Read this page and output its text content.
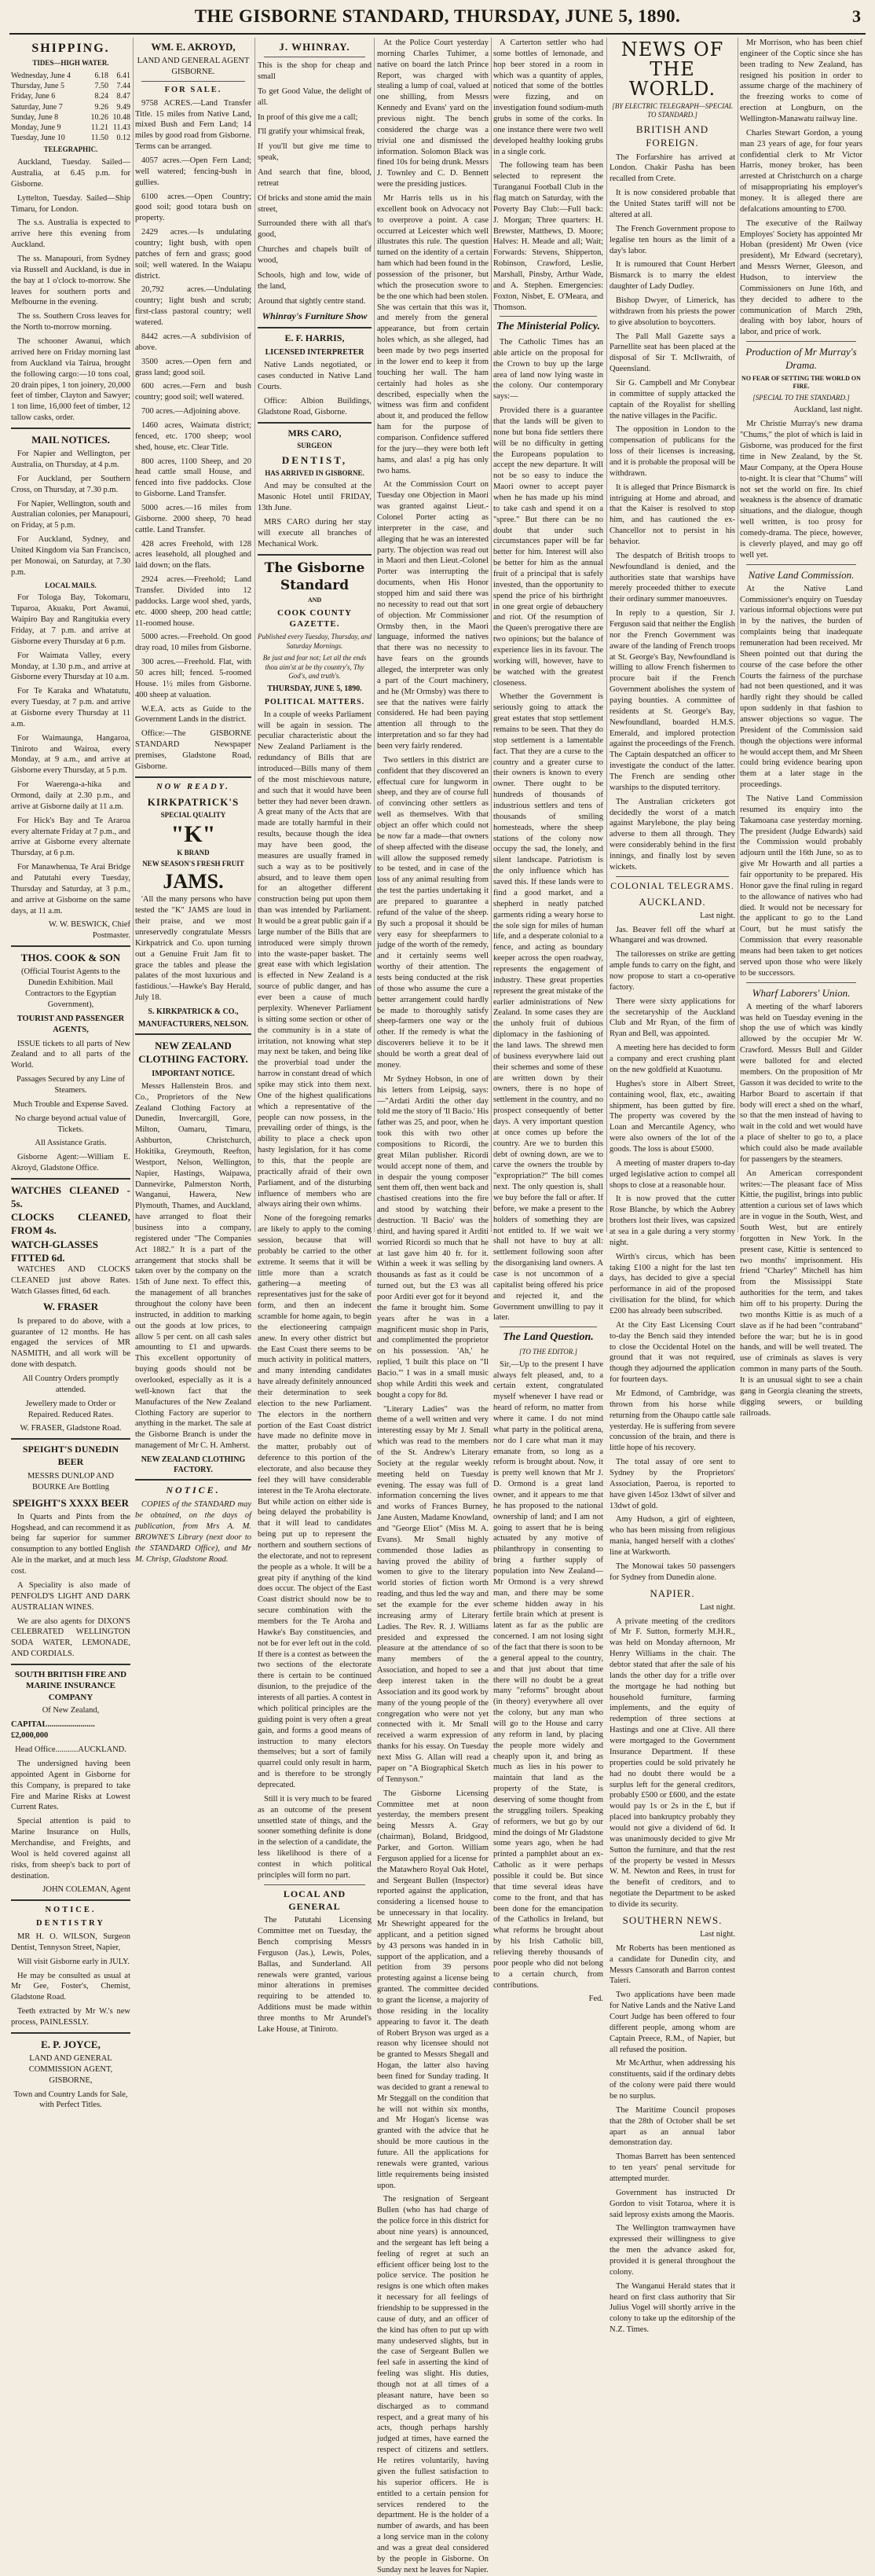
THE GISBORNE STANDARD, THURSDAY, JUNE 5, 1890.	3
SHIPPING.
TIDES—HIGH WATER.
Wednesday, June 4	6.18	6.41
Thursday, June 5	7.50	7.44
Friday, June 6	8.24	8.47
Saturday, June 7	9.26	9.49
Sunday, June 8	10.26 10.48
Monday, June 9	11.21 11.43
Tuesday, June 10	11.50	0.12
TELEGRAPHIC.

Auckland, Tuesday. Sailed—Australia, at 6.45 p.m. for Gisborne.

Lyttelton, Tuesday. Sailed—Ship Timaru, for London.

The s.s. Australia is expected to arrive here this evening from Auckland.

The ss. Manapouri, from Sydney via Russell and Auckland, is due in the bay at 1 o'clock to-morrow. She leaves for southern ports and Melbourne in the evening.

The ss. Southern Cross leaves for the North to-morrow morning.

The schooner Awanui, which arrived here on Friday morning last from Auckland via Tairua, brought the following cargo:—10 tons coal, 20 drain pipes, 1 ton joinery, 20,000 feet of timber, Clayton and Sawyer; 1 ton lime, 16,000 feet of timber, 12 tallow casks, order.

MAIL NOTICES.

For Napier and Wellington, per Australia, on Thursday, at 4 p.m.

For Auckland, per Southern Cross, on Thursday, at 7.30 p.m.

For Napier, Wellington, south and Australian colonies, per Manapouri, on Friday, at 5 p.m.

For Auckland, Sydney, and United Kingdom via San Francisco, per Monowai, on Saturday, at 7.30 p.m.

LOCAL MAILS.

For Tologa Bay, Tokomaru, Tuparoa, Akuaku, Port Awanui, Waipiro Bay and Rangitukia every Friday, at 7 p.m. and arrive at Gisborne every Thursday at 6 p.m.

For Waimata Valley, every Monday, at 1.30 p.m., and arrive at Gisborne every Thursday at 10 a.m.

For Te Karaka and Whatatutu, every Tuesday, at 7 p.m. and arrive at Gisborne every Thursday at 11 a.m.

For Waimaunga, Hangaroa, Tiniroto and Wairoa, every Monday, at 9 a.m., and arrive at Gisborne every Thursday, at 5 p.m.

For Waerenga-a-hika and Ormond, daily at 2.30 p.m., and arrive at Gisborne daily at 11 a.m.

For Hick's Bay and Te Araroa every alternate Friday at 7 p.m., and arrive at Gisborne every alternate Thursday, at 6 p.m.

For Manawhenua, Te Arai Bridge and Patutahi every Tuesday, Thursday and Saturday, at 3 p.m., and arrive at Gisborne on the same days, at 11 a.m.

W. W. BESWICK, Chief Postmaster.

THOS. COOK & SON

(Official Tourist Agents to the Dunedin Exhibition. Mail Contractors to the Egyptian Government),

TOURIST AND PASSENGER AGENTS,

ISSUE tickets to all parts of New Zealand and to all parts of the World.

Passages Secured by any Line of Steamers.

Much Trouble and Expense Saved.

No charge beyond actual value of Tickets.

All Assistance Gratis.

Gisborne Agent:—William E. Akroyd, Gladstone Office.

WATCHES CLEANED - 5s.
CLOCKS CLEANED, FROM 4s.
WATCH-GLASSES FITTED 6d.

WATCHES AND CLOCKS CLEANED just above Rates. Watch Glasses fitted, 6d each.

W. FRASER

Is prepared to do above, with a guarantee of 12 months. He has engaged the services of MR NASMITH, and all work will be done with despatch.

All Country Orders promptly attended.

Jewellery made to Order or Repaired. Reduced Rates.

W. FRASER, Gladstone Road.

SPEIGHT'S DUNEDIN BEER

MESSRS DUNLOP AND BOURKE Are Bottling

SPEIGHT'S XXXX BEER

In Quarts and Pints from the Hogshead, and can recommend it as being far superior for summer consumption to any bottled English Ale in the market, and at much less cost.

A Speciality is also made of PENFOLD'S LIGHT AND DARK AUSTRALIAN WINES.

We are also agents for DIXON'S CELEBRATED WELLINGTON SODA WATER, LEMONADE, AND CORDIALS.

SOUTH BRITISH FIRE AND MARINE INSURANCE COMPANY

Of New Zealand,

CAPITAL.......................£2,000,000

Head Office...........AUCKLAND.

The undersigned having been appointed Agent in Gisborne for this Company, is prepared to take Fire and Marine Risks at Lowest Current Rates.

Special attention is paid to Marine Insurance on Hulls, Merchandise, and Freights, and Wool is held covered against all risks, from sheep's back to port of destination.

JOHN COLEMAN, Agent

NOTICE.
DENTISTRY

MR H. O. WILSON, Surgeon Dentist, Tennyson Street, Napier,

Will visit Gisborne early in JULY.

He may be consulted as usual at Mr Gee, Foster's, Chemist, Gladstone Road.

Teeth extracted by Mr W.'s new process, PAINLESSLY.

E. P. JOYCE,

LAND AND GENERAL COMMISSION AGENT, GISBORNE,

Town and Country Lands for Sale, with Perfect Titles.

WM. E. AKROYD,

LAND AND GENERAL AGENT GISBORNE.

FOR SALE.

9758 ACRES.—Land Transfer Title. 15 miles from Native Land, mixed Bush and Fern Land; 14 miles by good road from Gisborne. Terms can be arranged.

4057 acres.—Open Fern Land; well watered; fencing-bush in gullies.

6100 acres.—Open Country; good soil; good totara bush on property.

2429 acres.—Is undulating country; light bush, with open patches of fern and grass; good soil; well watered. In the Waiapu district.

20,792 acres.—Undulating country; light bush and scrub; first-class pastoral country; well watered.

8442 acres.—A subdivision of above.

3500 acres.—Open fern and grass land; good soil.

600 acres.—Fern and bush country; good soil; well watered.

700 acres.—Adjoining above.

1460 acres, Waimata district; fenced, etc. 1700 sheep; wool shed, house, etc. Clear Title.

800 acres, 1100 Sheep, and 20 head cattle small House, and fenced into five paddocks. Close to Gisborne. Land Transfer.

5000 acres.—16 miles from Gisborne. 2000 sheep, 70 head cattle. Land Transfer.

428 acres Freehold, with 128 acres leasehold, all ploughed and laid down; on the flats.

2924 acres.—Freehold; Land Transfer. Divided into 12 paddocks. Large wool shed, yards, etc. 4000 sheep, 200 head cattle; 11-roomed house.

5000 acres.—Freehold. On good dray road, 10 miles from Gisborne.

300 acres.—Freehold. Flat, with 50 acres hill; fenced. 5-roomed House. 1½ miles from Gisborne. 400 sheep at valuation.

W.E.A. acts as Guide to the Government Lands in the district.

Office:—The GISBORNE STANDARD Newspaper premises, Gladstone Road, Gisborne.

NOW READY.
KIRKPATRICK'S
SPECIAL QUALITY
"K"
K BRAND
NEW SEASON'S FRESH FRUIT
JAMS.

'All the many persons who have tested the "K" JAMS are loud in their praise, and we most unreservedly congratulate Messrs Kirkpatrick and Co. upon turning out a Genuine Fruit Jam fit to grace the tables and please the palates of the most luxurious and fastidious.'—Hawke's Bay Herald, July 18.

S. KIRKPATRICK & CO.,
MANUFACTURERS, NELSON.
NEW ZEALAND CLOTHING FACTORY.
IMPORTANT NOTICE.

Messrs Hallenstein Bros. and Co., Proprietors of the New Zealand Clothing Factory at Dunedin, Invercargill, Gore, Milton, Oamaru, Timaru, Ashburton, Christchurch, Hokitika, Greymouth, Reefton, Westport, Nelson, Wellington, Napier, Hastings, Waipawa, Dannevirke, Palmerston North, Wanganui, Hawera, New Plymouth, Thames, and Auckland, have arranged to float their business into a company, registered under "The Companies Act 1882." It is a part of the arrangement that stocks shall be taken over by the company on the 15th of June next. To effect this, the management of all branches throughout the colony have been instructed, in addition to marking out the goods at low prices, to allow 5 per cent. on all cash sales amounting to £1 and upwards. This excellent opportunity of buying goods should not be overlooked, especially as it is a well-known fact that the Manufactures of the New Zealand Clothing Factory are superior to anything in the market. The sale at the Gisborne Branch is under the management of Mr C. H. Amherst.

NEW ZEALAND CLOTHING FACTORY.
NOTICE.

COPIES of the STANDARD may be obtained, on the days of publication, from Mrs A. M. BROWNE'S Library (next door to the STANDARD Office), and Mr M. Chrisp, Gladstone Road.

J. WHINRAY.
This is the shop for cheap and small
To get Good Value, the delight of all.
In proof of this give me a call;
I'll gratify your whimsical freak,
If you'll but give me time to speak,
And search that fine, blood, retreat
Of bricks and stone amid the main street,
Surrounded there with all that's good,
Churches and chapels built of wood,
Schools, high and low, wide of the land,
Around that sightly centre stand.
Whinray's Furniture Show
E. F. HARRIS,
LICENSED INTERPRETER

Native Lands negotiated, or cases conducted in Native Land Courts.

Office: Albion Buildings, Gladstone Road, Gisborne.

MRS CARO,
SURGEON
DENTIST,
HAS ARRIVED IN GISBORNE.

And may be consulted at the Masonic Hotel until FRIDAY, 13th June.

MRS CARO during her stay will execute all branches of Mechanical Work.

The Gisborne Standard
AND
COOK COUNTY GAZETTE.
Published every Tuesday, Thursday, and Saturday Mornings.
Be just and fear not; Let all the ends thou aim'st at be thy country's, Thy God's, and truth's.
THURSDAY, JUNE 5, 1890.
POLITICAL MATTERS.

In a couple of weeks Parliament will be again in session. The peculiar characteristic about the New Zealand Parliament is the redundancy of Bills that are introduced—Bills many of them of the most mischievous nature, and such that it would have been better they had never been drawn. A great many of the Acts that are made are totally harmful in their results, because though the idea may have been good, the measures are usually framed in such a way as to be positively absurd, and to leave them open for an altogether different construction being put upon them than was intended by Parliament. It would be a great public gain if a large number of the Bills that are introduced were simply thrown into the waste-paper basket. The great ease with which legislation is effected in New Zealand is a source of public danger, and has ever been a cause of much perplexity. Whenever Parliament is sitting some section or other of the community is in a state of irritation, not knowing what step may next be taken, and being like the proverbial toad under the harrow in constant dread of which spike may stick into them next. One of the highest qualifications which a representative of the people can now possess, in the prevailing order of things, is the ability to place a check upon hasty legislation, for it has come to this, that the people are practically afraid of their own Parliament, and of the disturbing influence of members who are always airing their own whims.

None of the foregoing remarks are likely to apply to the coming session, because that will probably be carried to the other extreme. It seems that it will be little more than a scratch gathering—a meeting of representatives just for the sake of form, and then an indecent scramble for home again, to begin the electioneering campaign anew. In every other district but the East Coast there seems to be much activity in political matters, and many intending candidates have already definitely announced their determination to seek election to the new Parliament. The electors in the northern portion of the East Coast district have made no definite move in the matter, probably out of deference to this portion of the electorate, and also because they feel they will have considerable interest in the Te Aroha electorate. But while action on either side is being delayed the probability is that it will lead to candidates being put up to represent the northern and southern sections of the electorate, and not to represent the people as a whole. It will be a great pity if anything of the kind does occur. The object of the East Coast district should now be to secure combination with the members for the Te Aroha and Hawke's Bay constituencies, and not be for ever left out in the cold. If there is a contest as between the two sections of the electorate there is certain to be continued disunion, to the prejudice of the interests of all parties. A contest in which political principles are the guiding point is very often a great gain, and forms a good means of instruction to many electors themselves; but a sort of family quarrel could only result in harm, and is therefore to be strongly deprecated.

Still it is very much to be feared as an outcome of the present unsettled state of things, and the sooner something definite is done in the selection of a candidate, the less likelihood is there of a contest in which political principles will form no part.

LOCAL AND GENERAL

The Patutahi Licensing Committee met on Tuesday, the Bench comprising Messrs Ferguson (Jas.), Lewis, Poles, Ballas, and Sunderland. All renewals were granted, various minor alterations in premises requiring to be attended to. Additions must be made within three months to Mr Arundel's Lake House, at Tiniroto.

At the Police Court yesterday morning Charles Tuhimer, a native on board the latch Prince Report, was charged with stealing a lump of coal, valued at one shilling, from Messrs Kennedy and Evans' yard on the previous night. The bench considered the charge was a trivial one and dismissed the information. Solomon Black was fined 10s for being drunk. Messrs J. Townley and C. D. Bennett were the presiding justices.

Mr Harris tells us in his excellent book on Advocacy not to overprove a point. A case occurred at Leicester which well illustrates this rule. The question turned on the identity of a certain ham which had been found in the possession of the prisoner, but which the prosecution swore to be the one which had been stolen. She was certain that this was it, and merely from the general appearance, but from certain holes which, as she alleged, had been made by two pegs inserted in the lower end to keep it from touching her wall. The ham certainly had holes as she described, especially when the witness was firm and confident about it, and produced the fellow ham for the purpose of comparison. Confidence suffered for the jury—they were both left hams, and alas! a pig has only two hams.

At the Commission Court on Tuesday one Objection in Maori was granted against Lieut.-Colonel Porter acting as interpreter in the case, and alleging that he was an interested party. The objection was read out in Maori and then Lieut.-Colonel Porter was interrupting the documents, when His Honor stopped him and said there was no necessity to read out that sort of objection. Mr Commissioner Ormsby then, in the Maori language, informed the natives that there was no necessity to have fears on the grounds alleged, the interpreter was only a part of the Court machinery, and he (Mr Ormsby) was there to see that the natives were fairly considered. He had been paying attention all through to the interpretation and so far they had been very fairly rendered.

Two settlers in this district are confident that they discovered an effectual cure for lungworm in sheep, and they are of course full of convincing other settlers as well as themselves. With that object an offer which could not be now far a made—that owners of sheep affected with the disease will allow the supposed remedy to be tested, and in case of the loss of any animal resulting from the test the parties undertaking it are prepared to guarantee a refund of the value of the sheep. By such a proposal it should be very easy for sheepfarmers to judge of the worth of the remedy, and it certainly seems well worthy of their attention. The tests being conducted at the risk of those who assume the cure a better arrangement could hardly be made to thoroughly satisfy sheep-farmers one way or the other. If the remedy is what the discoverers believe it to be it should be worth a great deal of money.

Mr Sydney Hobson, in one of his letters from Leipsig, says:—"Ardati Arditi the other day told me the story of 'Il Bacio.' His father was 25, and poor, when he took this with two other compositions to Ricordi, the great Milan publisher. Ricordi would accept none of them, and in despair the young composer sent them off, then went back and chastised creations into the fire and stood by watching their destruction. 'Il Bacio' was the third, and having spared it Arditi worried Ricordi so much that he at last gave him 40 fr. for it. Within a week it was selling by thousands as fast as it could be turned out, but the £3 was all poor Arditi ever got for it beyond the fame it brought him. Some years after he was in a magnificent music shop in Paris, and complimented the proprietor on his possession. 'Ah,' he replied, 'I built this place on "Il Bacio."' I was in a small music shop while Arditi this week and bought a copy for 8d.

"Literary Ladies" was the theme of a well written and very interesting essay by Mr J. Small which was read to the members of the St. Andrew's Literary Society at the regular weekly meeting held on Tuesday evening. The essay was full of information concerning the lives and works of Frances Burney, Jane Austen, Madame Knowland, and "George Eliot" (Miss M. A. Evans). Mr Small highly commended those ladies as having proved the ability of women to give to the literary world stories of fiction worth reading, and thus led the way and set the example for the ever increasing army of Literary Ladies. The Rev. R. J. Williams presided and expressed the pleasure at the attendance of so many members of the Association, and hoped to see a deep interest taken in the Association and its good work by many of the young people of the congregation who were not yet connected with it. Mr Small received a warm expression of thanks for his essay. On Tuesday next Miss G. Allan will read a paper on "A Biographical Sketch of Tennyson."

The Gisborne Licensing Committee met at noon yesterday, the members present being Messrs A. Gray (chairman), Boland, Bridgood, Parker, and Gorton. William Ferguson applied for a license for the Matawhero Royal Oak Hotel, and Sergeant Bullen (Inspector) reported against the application, considering a licensed house to be unnecessary in that locality. Mr Shewright appeared for the applicant, and a petition signed by 43 persons was handed in in support of the application, and a petition from 39 persons protesting against a license being granted. The committee decided to grant the license, a majority of those residing in the locality appearing to favor it. The death of Robert Bryson was urged as a reason why licensee should not be granted to Messrs Shegall and Hogan, the latter also having been fined for Sunday trading. It was decided to grant a renewal to Mr Steggall on the condition that he will not within six months, and Mr Hogan's license was granted with the advice that he should be more cautious in the future. All the applications for renewals were granted, various little requirements being insisted upon.

The resignation of Sergeant Bullen (who has had charge of the police force in this district for about nine years) is announced, and the sergeant has left being a feeling of regret at such an efficient officer being lost to the police service. The position he resigns is one which often makes it necessary for all feelings of friendship to be suppressed in the cause of duty, and an officer of the kind has often to put up with many undeserved slights, but in the case of Sergeant Bullen we feel safe in asserting the kind of feeling was slight. His duties, though not at all times of a pleasant nature, have been so discharged as to command respect, and a great many of his acts, though perhaps harshly judged at times, have earned the respect of citizens and settlers. He retires voluntarily, having given the fullest satisfaction to his superior officers. He is entitled to a certain pension for services rendered to the department. He is the holder of a number of awards, and has been a long service man in the colony and was a great deal considered by the people in Gisborne. On Sunday next he leaves for Napier.

A Carterton settler who had some bottles of lemonade, and hop beer stored in a room in which was a quantity of apples, noticed that some of the bottles were fizzing, and on investigation found sodium-muth grubs in some of the corks. In one instance there were two well developed healthy looking grubs in a single cork.

The following team has been selected to represent the Turanganui Football Club in the flag match on Saturday, with the Poverty Bay Club:—Full back: J. Morgan; Three quarters: H. Brewster, Matthews, D. Moore; Halves: H. Meade and all; Wait; Forwards: Stevens, Shipperton, Robinson, Crawford, Leslie, Marshall, Pinsby, Arthur Wade, and A. Stephen. Emergencies: Foxton, Nisbet, E. O'Meara, and Thomson.

The Ministerial Policy.

The Catholic Times has an able article on the proposal for the Crown to buy up the large area of land now lying waste in the colony. Our contemporary says:—

Provided there is a guarantee that the lands will be given to none but bona fide settlers there will be no difficulty in getting the Europeans population to accept the new departure. It will not be so easy to induce the Maori owner to accept payer when he has made up his mind to take cash and spend it on a "spree." But there can be no doubt that under such circumstances paper will be far better for him. Interest will also be better for him as the annual fruit of a principal that is safely invested, than the opportunity to spend the price of his birthright in one great orgie of debauchery and riot. Of the resumption of the Queen's prerogative there are two opinions; but the balance of experience lies in its favour. The working will, however, have to be watched with the greatest closeness.

Whether the Government is seriously going to attack the great estates that stop settlement remains to be seen. That they do stop settlement is a lamentable fact. That they are a curse to the country and a greater curse to their owners is known to every owner. There ought to be hundreds of thousands of industrious settlers and tens of thousands of smiling homesteads, where the sheep stations of the colony now occupy the sad, the lonely, and silent landscape. Patriotism is the only influence which has saved this. If these lands were to find a good market, and a shepherd in neatly patched garments riding a weary horse to the sole sign for miles of human life, and a desperate colonial to a fence, and acting as boundary keeper across the open roadway, represents the engagement of industry. These great properties represent the great mistake of the earlier administrations of New Zealand. In some cases they are the unholy fruit of dubious diplomacy in the fashioning of the land laws. The shrewd men of business everywhere laid out their schemes and some of these are written down by their owners, there is no hope of settlement in the country, and no prospect consequently of better days. A very important question at once comes up before the country. Are we to burden this debt of owning down, are we to carve the owners the trouble by "expropriation?" The bill comes next. The only question is, shall we buy before the fall or after. If before, we make a present to the holders of something they are not entitled to. If we wait we shall not have to buy at all: settlement following soon after the disorganising land owners. A case is not uncommon of a capitalist being offered his price and rejected it, and the Government unwilling to pay it later.

The Land Question.
[TO THE EDITOR.]

Sir,—Up to the present I have always felt pleased, and, to a certain extent, congratulated myself whenever I have read or heard of reform, no matter from where it came. I do not mind what party in the political arena, nor do I care what man it may emanate from, so long as a reform is brought about. Now, it is pretty well known that Mr J. D. Ormond is a great land owner, and it appears to me that he has proposed to the national ownership of land; and I am not going to assert that he is being actuated by any motive of philanthropy in consenting to bring a further supply of population into New Zealand—Mr Ormond is a very shrewd man, and there may be some scheme hidden away in his fertile brain which at present is latent as far as the public are concerned. I am not losing sight of the fact that there is soon to be a general appeal to the country, and that just about that time there will no doubt be a great many "reforms" brought about (in theory) everywhere all over the colony, but any man who will go to the House and carry any reform in land, by placing the people more widely and cheaply upon it, and bring as much as lies in his power to maintain that land as the property of the State, is deserving of some thought from the struggling toilers. Speaking of reformers, we but go by our mind the doings of Mr Gladstone some years ago, when he had printed a pamphlet about an ex-Catholic as it were perhaps possible it could be. But since that time several ideas have come to the front, and that has been done for the emancipation of the Catholics in Ireland, but what reforms he brought about by his Irish Catholic bill, relieving thereby thousands of poor people who did not belong to a certain church, from contributions.

Fed.

NEWS OF THE WORLD.
[BY ELECTRIC TELEGRAPH—SPECIAL TO STANDARD.]
BRITISH AND FOREIGN.

The Forfarshire has arrived at London. Chakir Pasha has been recalled from Crete.

It is now considered probable that the United States tariff will not be altered at all.

The French Government propose to legalise ten hours as the limit of a day's labor.

It is rumoured that Count Herbert Bismarck is to marry the eldest daughter of Lady Dudley.

Bishop Dwyer, of Limerick, has withdrawn from his priests the power to give absolution to boycotters.

The Pall Mall Gazette says a Parnellite seat has been placed at the disposal of Sir T. McIlwraith, of Queensland.

Sir G. Campbell and Mr Conybear in committee of supply attacked the captain of the Royalist for shelling the native villages in the Pacific.

The opposition in London to the compensation of publicans for the loss of their licenses is increasing, and it is probable the proposal will be withdrawn.

It is alleged that Prince Bismarck is intriguing at Home and abroad, and that the Kaiser is resolved to stop him, and has cautioned the ex-Chancellor not to persist in his behavior.

The despatch of British troops to Newfoundland is denied, and the authorities state that warships have merely proceeded thither to execute their ordinary summer manoeuvres.

In reply to a question, Sir J. Ferguson said that neither the English nor the French Government was aware of the landing of French troops at St. George's Bay, Newfoundland is willing to allow French fishermen to procure bait if the French Government abolishes the system of paying bounties. A committee of residents at St. George's Bay, Newfoundland, boarded H.M.S. Emerald, and implored protection against the proceedings of the French. The Captain despatched an officer to investigate the conduct of the latter. The French are sending other warships to the disputed territory.

The Australian cricketers got decidedly the worst of a match against Marylebone, the play being adverse to them all through. They were considerably behind in the first innings, and finally lost by seven wickets.

COLONIAL TELEGRAMS.
AUCKLAND.

Last night.

Jas. Beaver fell off the wharf at Whangarei and was drowned.

The tailoresses on strike are getting ample funds to carry on the fight, and now propose to start a co-operative factory.

There were sixty applications for the secretaryship of the Auckland Club and Mr Ryan, of the firm of Ryan and Bell, was appointed.

A meeting here has decided to form a company and erect crushing plant on the new goldfield at Kuaotunu.

Hughes's store in Albert Street, containing wool, flax, etc., awaiting shipment, has been gutted by fire. The property was covered by the Loan and Mercantile Agency, who were also owners of the lot of the goods. The loss is about £5000.

A meeting of master drapers to-day urged legislative action to compel all shops to close at a reasonable hour.

It is now proved that the cutter Rose Blanche, by which the Aubrey brothers lost their lives, was capsized at sea in a gale during a very stormy night.

Wirth's circus, which has been taking £100 a night for the last ten days, has decided to give a special performance in aid of the proposed civilisation for the blind, for which £200 has already been subscribed.

At the City East Licensing Court to-day the Bench said they intended to close the Occidental Hotel on the ground that it was not required, though they adjourned the application for fourteen days.

Mr Edmond, of Cambridge, was thrown from his horse while returning from the Ohaupo cattle sale yesterday. He is suffering from severe concussion of the brain, and there is little hope of his recovery.

The total assay of ore sent to Sydney by the Proprietors' Association, Paeroa, is reported to have given 145oz 13dwt of silver and 13dwt of gold.

Amy Hudson, a girl of eighteen, who has been missing from religious mania, hanged herself with a clothes' line at Warkworth.

The Monowai takes 50 passengers for Sydney from Dunedin alone.

NAPIER.

Last night.

A private meeting of the creditors of Mr F. Sutton, formerly M.H.R., was held on Monday afternoon, Mr Henry Williams in the chair. The debtor stated that after the sale of his lands the other day for a trifle over the mortgage he had nothing but household furniture, farming implements, and the equity of redemption of three sections at Hastings and one at Clive. All there were mortgaged to the Government Insurance Department. If these properties could be sold privately he had no doubt there would be a surplus left for the general creditors, probably £500 or £600, and the estate would pay 1s or 2s in the £, but if placed into bankruptcy probably they would not give a dividend of 6d. It was unanimously decided to give Mr Sutton the furniture, and that the rest of the property be vested in Messrs W. M. Newton and Rees, in trust for the benefit of creditors, and to negotiate the Department to be asked to divide its security.

SOUTHERN NEWS.

Last night.

Mr Roberts has been mentioned as a candidate for Dunedin city, and Messrs Cansorath and Barron contest Taieri.

Two applications have been made for Native Lands and the Native Land Court Judge has been offered to four different people, among whom are Captain Preece, R.M., of Napier, but all refused the position.

Mr McArthur, when addressing his constituents, said if the ordinary debts of the colony were paid there would be no surplus.

The Maritime Council proposes that the 28th of October shall be set apart as an annual labor demonstration day.

Thomas Barrett has been sentenced to ten years' penal servitude for attempted murder.

Government has instructed Dr Gordon to visit Totaroa, where it is said leprosy exists among the Maoris.

The Wellington tramwaymen have expressed their willingness to give the men the advance asked for, provided it is general throughout the colony.

The Wanganui Herald states that it heard on first class authority that Sir Julius Vogel will shortly arrive in the colony to take up the editorship of the N.Z. Times.

Mr Morrison, who has been chief engineer of the Coptic since she has been trading to New Zealand, has resigned his position in order to assume charge of the machinery of the freezing works to come of erection at Longburn, on the Wellington-Manawatu railway line.

Charles Stewart Gordon, a young man 23 years of age, for four years confidential clerk to Mr Victor Harris, money broker, has been arrested at Christchurch on a charge of misappropriating his employer's money. It is alleged there are defalcations amounting to £700.

The executive of the Railway Employes' Society has appointed Mr Hoban (president) Mr Owen (vice president), Mr Edward (secretary), and Messrs Werner, Gleeson, and Hudson, to interview the Commissioners on June 16th, and they decided to adhere to the communication of March 29th, dealing with boy labor, hours of labor, and price of work.

Production of Mr Murray's Drama.
NO FEAR OF SETTING THE WORLD ON FIRE.
[SPECIAL TO THE STANDARD.]

Auckland, last night.

Mr Christie Murray's new drama "Chums," the plot of which is laid in Gisborne, was produced for the first time in New Zealand, by the St. Maur Company, at the Opera House to-night. It is clear that "Chums" will not set the world on fire. Its chief weakness is the absence of dramatic situations, and the dialogue, though well written, is too prosy for comedy-drama. The piece, however, is cleverly played, and may go off well yet.

Native Land Commission.

At the Native Land Commissioner's enquiry on Tuesday various informal objections were put in by the natives, the burden of complaints being that inadequate remuneration had been received. Mr Sheen pointed out that during the course of the case before the other Courts the fairness of the purchase had not been questioned, and it was hardly right they should be called upon suddenly in that fashion to answer objections so vague. The President of the Commission said though the objections were informal he would accept them, and Mr Sheen could bring evidence bearing upon them at a later stage in the proceedings.

The Native Land Commission resumed its enquiry into the Takamoana case yesterday morning. The president (Judge Edwards) said the Commission would probably adjourn until the 16th June, so as to give Mr Howarth and all parties a fair opportunity to be prepared. His Honor gave the final ruling in regard to the allowance of natives who had died. It would not be necessary for the applicant to go to the Land Court, but he must satisfy the Commission that every reasonable means had been taken to get notices served upon those who were likely to be successors.

Wharf Laborers' Union.

A meeting of the wharf laborers was held on Tuesday evening in the shop the use of which was kindly allowed by the occupier Mr W. Crawford. Messrs Bull and Gilder were balloted for and elected members. On the proposition of Mr Gasson it was decided to write to the Harbor Board to ascertain if that body will erect a shed on the wharf, so that the men instead of having to wait in the cold and wet would have a place of shelter to go to, a place which could also be made available for passengers by the steamers.

An American correspondent writes:—The pleasant face of Miss Kittie, the pugilist, brings into public attention a curious set of laws which are in vogue in the South, West, and South West, but are entirely forgotten in New York. In the present case, Kittie is sentenced to two months' imprisonment. His friend "Charley" Mitchell has him from the Mississippi State authorities for the term, and takes him off to his property. During the two months Kittie is as much of a slave as if he had been "contraband" before the war; but he is in good hands, and will be well treated. The use of criminals as slaves is very common in many parts of the South. It is an unusual sight to see a chain gang in Georgia cleaning the streets, digging sewers, or building railroads.
